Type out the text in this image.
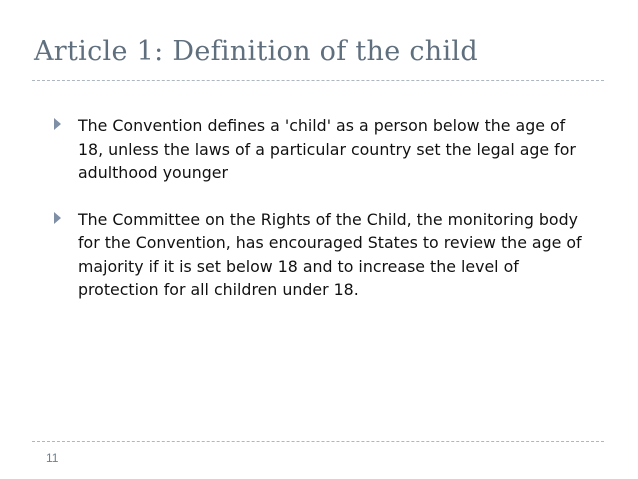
Article 1: Definition of the child
The Convention defines a 'child' as a person below the age of 18, unless the laws of a particular country set the legal age for adulthood younger
The Committee on the Rights of the Child, the monitoring body for the Convention, has encouraged States to review the age of majority if it is set below 18 and to increase the level of protection for all children under 18.
11
